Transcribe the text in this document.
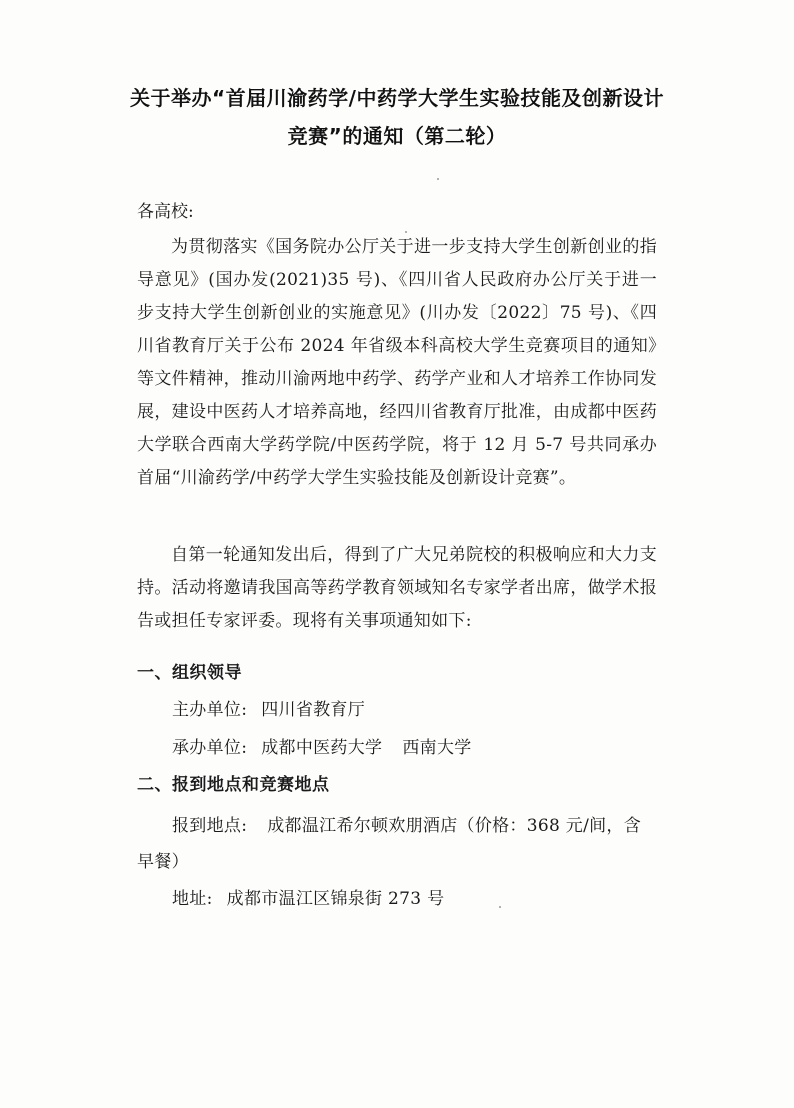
关于举办“首届川渝药学/中药学大学生实验技能及创新设计
竞赛”的通知（第二轮）
各高校:
为贯彻落实《国务院办公厅关于进一步支持大学生创新创业的指导意见》(国办发(2021)35 号)、《四川省人民政府办公厅关于进一步支持大学生创新创业的实施意见》(川办发〔2022〕75 号)、《四川省教育厅关于公布 2024 年省级本科高校大学生竞赛项目的通知》等文件精神，推动川渝两地中药学、药学产业和人才培养工作协同发展，建设中医药人才培养高地，经四川省教育厅批准，由成都中医药大学联合西南大学药学院/中医药学院，将于 12 月 5-7 号共同承办首届“川渝药学/中药学大学生实验技能及创新设计竞赛”。
自第一轮通知发出后，得到了广大兄弟院校的积极响应和大力支持。活动将邀请我国高等药学教育领域知名专家学者出席，做学术报告或担任专家评委。现将有关事项通知如下:
一、组织领导
主办单位: 四川省教育厅
承办单位: 成都中医药大学 西南大学
二、报到地点和竞赛地点
报到地点: 成都温江希尔顿欢朋酒店（价格：368 元/间，含早餐）
地址: 成都市温江区锦泉街 273 号
